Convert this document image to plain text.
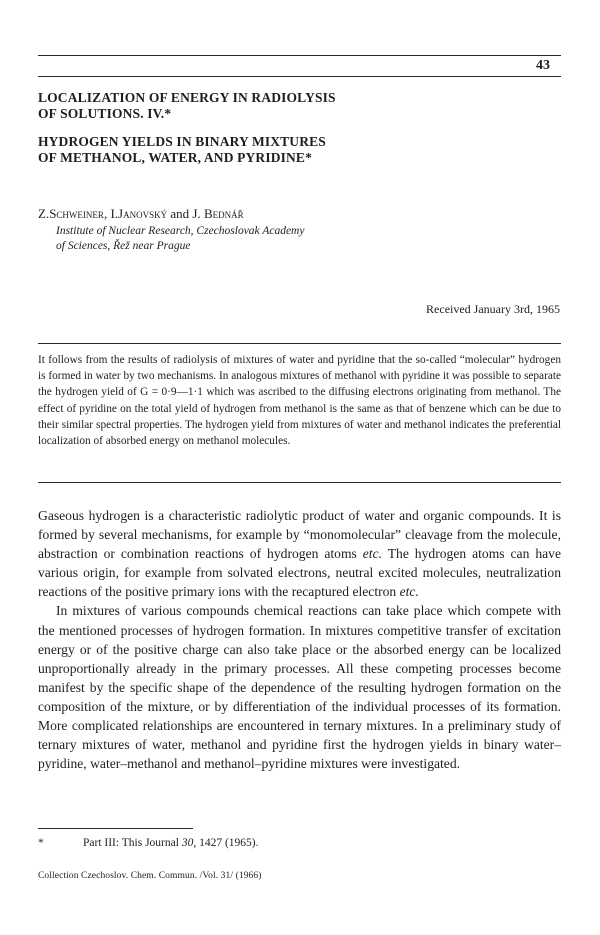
43
LOCALIZATION OF ENERGY IN RADIOLYSIS
OF SOLUTIONS. IV.*
HYDROGEN YIELDS IN BINARY MIXTURES
OF METHANOL, WATER, AND PYRIDINE*
Z.Schweiner, I.Janovský and J. Bednář
Institute of Nuclear Research, Czechoslovak Academy
of Sciences, Řež near Prague
Received January 3rd, 1965
It follows from the results of radiolysis of mixtures of water and pyridine that the so-called “molecular” hydrogen is formed in water by two mechanisms. In analogous mixtures of methanol with pyridine it was possible to separate the hydrogen yield of G = 0·9—1·1 which was ascribed to the diffusing electrons originating from methanol. The effect of pyridine on the total yield of hydrogen from methanol is the same as that of benzene which can be due to their similar spectral properties. The hydrogen yield from mixtures of water and methanol indicates the preferential localization of absorbed energy on methanol molecules.

Gaseous hydrogen is a characteristic radiolytic product of water and organic compounds. It is formed by several mechanisms, for example by “monomolecular” cleavage from the molecule, abstraction or combination reactions of hydrogen atoms etc. The hydrogen atoms can have various origin, for example from solvated electrons, neutral excited molecules, neutralization reactions of the positive primary ions with the recaptured electron etc.

In mixtures of various compounds chemical reactions can take place which compete with the mentioned processes of hydrogen formation. In mixtures competitive transfer of excitation energy or of the positive charge can also take place or the absorbed energy can be localized unproportionally already in the primary processes. All these competing processes become manifest by the specific shape of the dependence of the resulting hydrogen formation on the composition of the mixture, or by differentiation of the individual processes of its formation. More complicated relationships are encountered in ternary mixtures. In a preliminary study of ternary mixtures of water, methanol and pyridine first the hydrogen yields in binary water–pyridine, water–methanol and methanol–pyridine mixtures were investigated.

*	Part III: This Journal 30, 1427 (1965).
Collection Czechoslov. Chem. Commun. /Vol. 31/ (1966)
